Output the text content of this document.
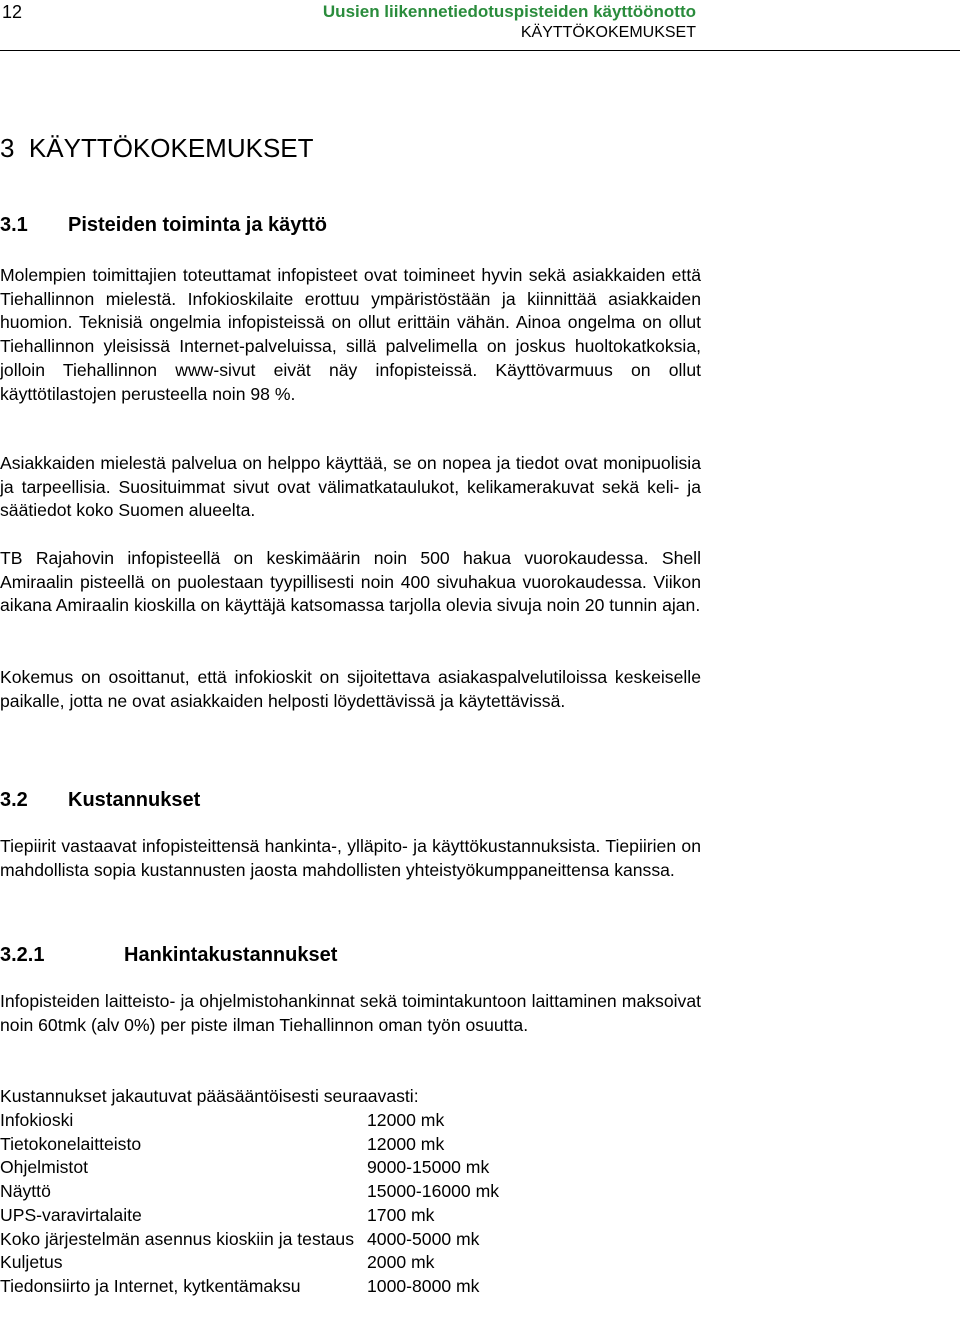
12	Uusien liikennetiedotuspisteiden käyttöönotto
KÄYTTÖKOKEMUKSET
3 KÄYTTÖKOKEMUKSET
3.1 Pisteiden toiminta ja käyttö

Molempien toimittajien toteuttamat infopisteet ovat toimineet hyvin sekä asiakkaiden että Tiehallinnon mielestä. Infokioskilaite erottuu ympäristöstään ja kiinnittää asiakkaiden huomion. Teknisiä ongelmia infopisteissä on ollut erittäin vähän. Ainoa ongelma on ollut Tiehallinnon yleisissä Internet-palveluissa, sillä palvelimella on joskus huoltokatkoksia, jolloin Tiehallinnon www-sivut eivät näy infopisteissä. Käyttövarmuus on ollut käyttötilastojen perusteella noin 98 %.

Asiakkaiden mielestä palvelua on helppo käyttää, se on nopea ja tiedot ovat monipuolisia ja tarpeellisia. Suosituimmat sivut ovat välimatkataulukot, kelikamerakuvat sekä keli- ja säätiedot koko Suomen alueelta.

TB Rajahovin infopisteellä on keskimäärin noin 500 hakua vuorokaudessa. Shell Amiraalin pisteellä on puolestaan tyypillisesti noin 400 sivuhakua vuorokaudessa. Viikon aikana Amiraalin kioskilla on käyttäjä katsomassa tarjolla olevia sivuja noin 20 tunnin ajan.

Kokemus on osoittanut, että infokioskit on sijoitettava asiakaspalvelutiloissa keskeiselle paikalle, jotta ne ovat asiakkaiden helposti löydettävissä ja käytettävissä.

3.2 Kustannukset

Tiepiirit vastaavat infopisteittensä hankinta-, ylläpito- ja käyttökustannuksista. Tiepiirien on mahdollista sopia kustannusten jaosta mahdollisten yhteistyökumppaneittensa kanssa.

3.2.1	Hankintakustannukset

Infopisteiden laitteisto- ja ohjelmistohankinnat sekä toimintakuntoon laittaminen maksoivat noin 60tmk (alv 0%) per piste ilman Tiehallinnon oman työn osuutta.

Kustannukset jakautuvat pääsääntöisesti seuraavasti:

Infokioski	12000 mk
Tietokonelaitteisto	12000 mk
Ohjelmistot	9000-15000 mk
Näyttö	15000-16000 mk
UPS-varavirtalaite	1700 mk
Koko järjestelmän asennus kioskiin ja testaus	4000-5000 mk
Kuljetus	2000 mk
Tiedonsiirto ja Internet, kytkentämaksu	1000-8000 mk
